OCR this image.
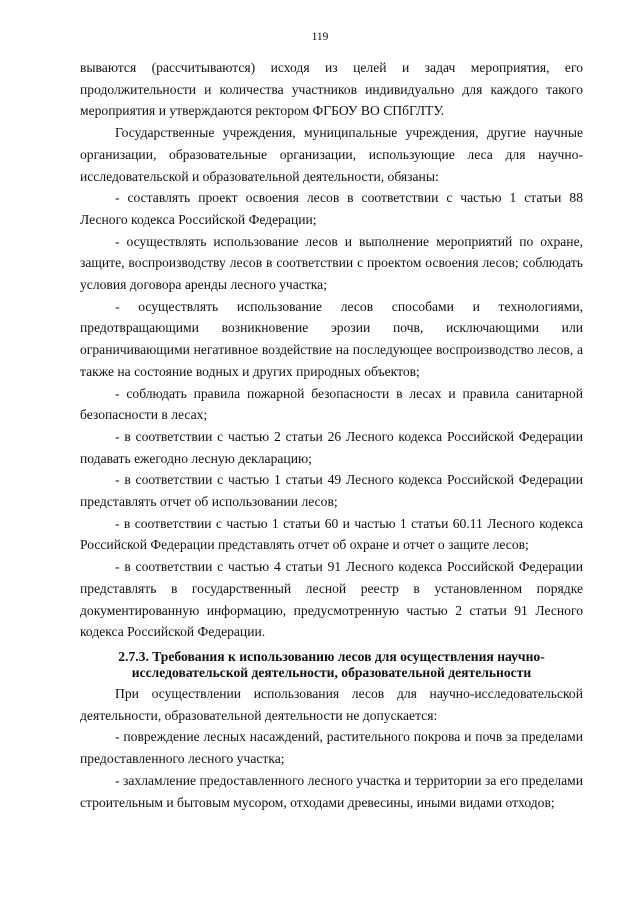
119

вываются (рассчитываются) исходя из целей и задач мероприятия, его продолжительности и количества участников индивидуально для каждого такого мероприятия и утверждаются ректором ФГБОУ ВО СПбГЛТУ.

Государственные учреждения, муниципальные учреждения, другие научные организации, образовательные организации, использующие леса для научно-исследовательской и образовательной деятельности, обязаны:

- составлять проект освоения лесов в соответствии с частью 1 статьи 88 Лесного кодекса Российской Федерации;

- осуществлять использование лесов и выполнение мероприятий по охране, защите, воспроизводству лесов в соответствии с проектом освоения лесов; соблюдать условия договора аренды лесного участка;

- осуществлять использование лесов способами и технологиями, предотвращающими возникновение эрозии почв, исключающими или ограничивающими негативное воздействие на последующее воспроизводство лесов, а также на состояние водных и других природных объектов;

- соблюдать правила пожарной безопасности в лесах и правила санитарной безопасности в лесах;

- в соответствии с частью 2 статьи 26 Лесного кодекса Российской Федерации подавать ежегодно лесную декларацию;

- в соответствии с частью 1 статьи 49 Лесного кодекса Российской Федерации представлять отчет об использовании лесов;

- в соответствии с частью 1 статьи 60 и частью 1 статьи 60.11 Лесного кодекса Российской Федерации представлять отчет об охране и отчет о защите лесов;

- в соответствии с частью 4 статьи 91 Лесного кодекса Российской Федерации представлять в государственный лесной реестр в установленном порядке документированную информацию, предусмотренную частью 2 статьи 91 Лесного кодекса Российской Федерации.

2.7.3. Требования к использованию лесов для осуществления научно-
исследовательской деятельности, образовательной деятельности

При осуществлении использования лесов для научно-исследовательской деятельности, образовательной деятельности не допускается:

- повреждение лесных насаждений, растительного покрова и почв за пределами предоставленного лесного участка;

- захламление предоставленного лесного участка и территории за его пределами строительным и бытовым мусором, отходами древесины, иными видами отходов;
